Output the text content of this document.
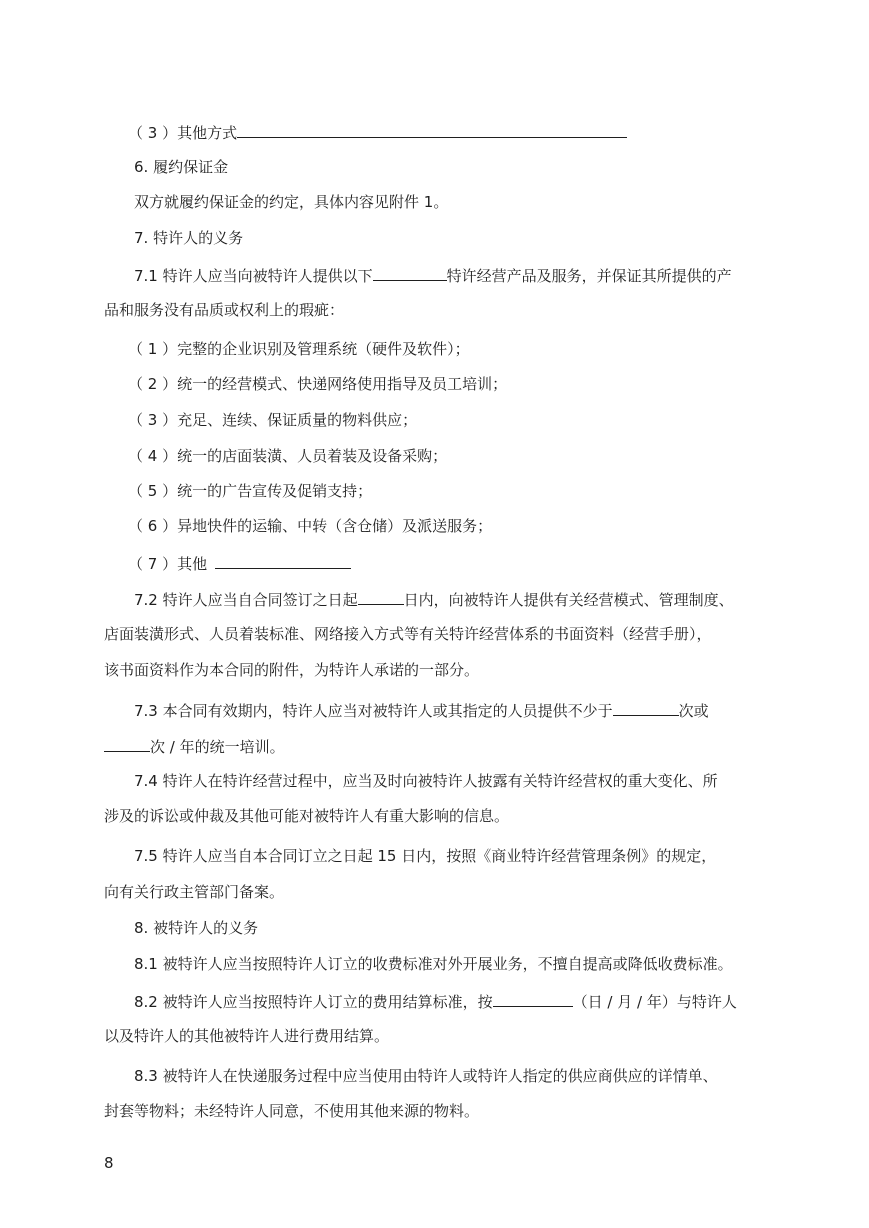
（ 3 ）其他方式
6. 履约保证金
双方就履约保证金的约定，具体内容见附件 1。
7. 特许人的义务
7.1 特许人应当向被特许人提供以下	特许经营产品及服务，并保证其所提供的产
品和服务没有品质或权利上的瑕疵：
（ 1 ）完整的企业识别及管理系统（硬件及软件）；
（ 2 ）统一的经营模式、快递网络使用指导及员工培训；
（ 3 ）充足、连续、保证质量的物料供应；
（ 4 ）统一的店面装潢、人员着装及设备采购；
（ 5 ）统一的广告宣传及促销支持；
（ 6 ）异地快件的运输、中转（含仓储）及派送服务；
（ 7 ）其他
7.2 特许人应当自合同签订之日起	日内，向被特许人提供有关经营模式、管理制度、
店面装潢形式、人员着装标准、网络接入方式等有关特许经营体系的书面资料（经营手册），
该书面资料作为本合同的附件，为特许人承诺的一部分。
7.3 本合同有效期内，特许人应当对被特许人或其指定的人员提供不少于	次或
次 / 年的统一培训。
7.4 特许人在特许经营过程中，应当及时向被特许人披露有关特许经营权的重大变化、所
涉及的诉讼或仲裁及其他可能对被特许人有重大影响的信息。
7.5 特许人应当自本合同订立之日起 15 日内，按照《商业特许经营管理条例》的规定，
向有关行政主管部门备案。
8. 被特许人的义务
8.1 被特许人应当按照特许人订立的收费标准对外开展业务，不擅自提高或降低收费标准。
8.2 被特许人应当按照特许人订立的费用结算标准，按	（日 / 月 / 年）与特许人
以及特许人的其他被特许人进行费用结算。
8.3 被特许人在快递服务过程中应当使用由特许人或特许人指定的供应商供应的详情单、
封套等物料；未经特许人同意，不使用其他来源的物料。
8
